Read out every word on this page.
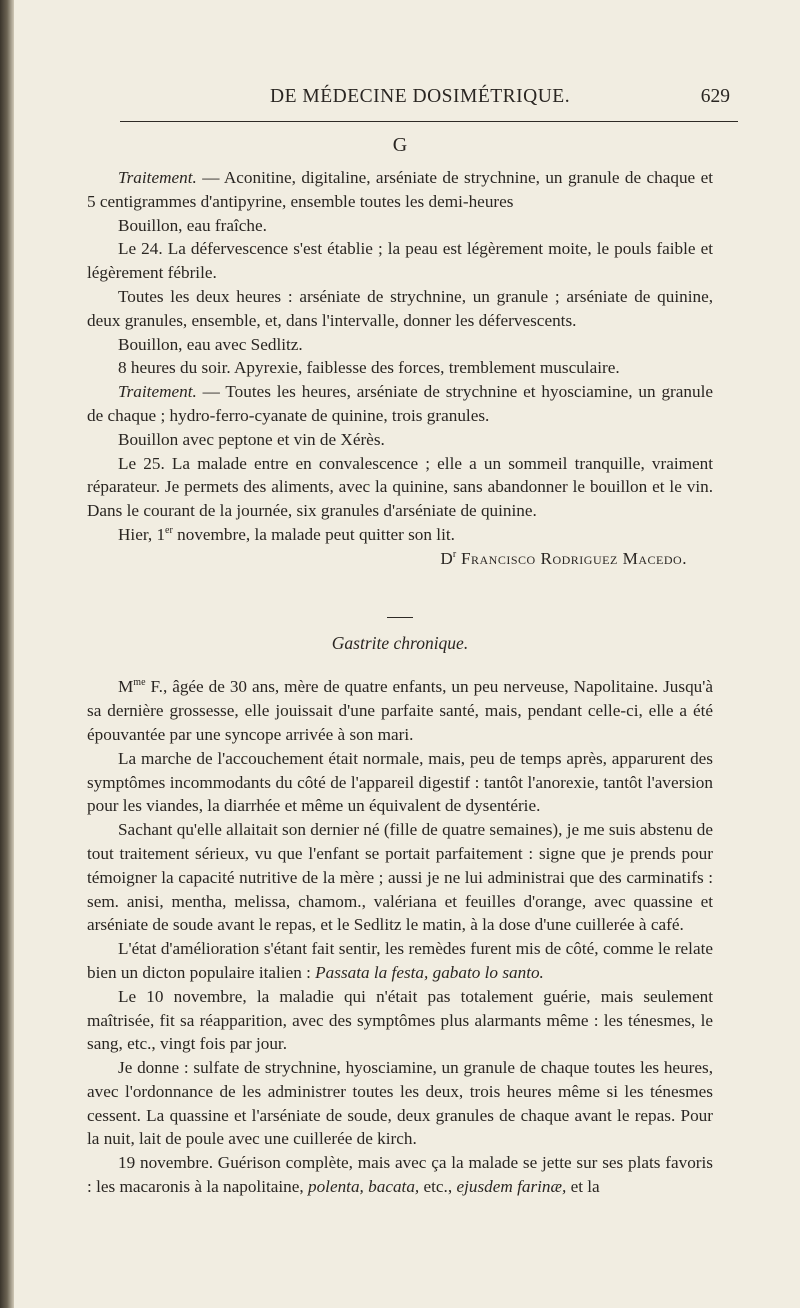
DE MÉDECINE DOSIMÉTRIQUE.	629
G

Traitement. — Aconitine, digitaline, arséniate de strychnine, un granule de chaque et 5 centigrammes d'antipyrine, ensemble toutes les demi-heures

Bouillon, eau fraîche.

Le 24. La défervescence s'est établie ; la peau est légèrement moite, le pouls faible et légèrement fébrile.

Toutes les deux heures : arséniate de strychnine, un granule ; arséniate de quinine, deux granules, ensemble, et, dans l'intervalle, donner les défervescents.

Bouillon, eau avec Sedlitz.

8 heures du soir. Apyrexie, faiblesse des forces, tremblement musculaire.

Traitement. — Toutes les heures, arséniate de strychnine et hyosciamine, un granule de chaque ; hydro-ferro-cyanate de quinine, trois granules.

Bouillon avec peptone et vin de Xérès.

Le 25. La malade entre en convalescence ; elle a un sommeil tranquille, vraiment réparateur. Je permets des aliments, avec la quinine, sans abandonner le bouillon et le vin. Dans le courant de la journée, six granules d'arséniate de quinine.

Hier, 1er novembre, la malade peut quitter son lit.

$D^r$ Francisco Rodriguez Macedo.

Gastrite chronique.

$M^{me}$ F., âgée de 30 ans, mère de quatre enfants, un peu nerveuse, Napolitaine. Jusqu'à sa dernière grossesse, elle jouissait d'une parfaite santé, mais, pendant celle-ci, elle a été épouvantée par une syncope arrivée à son mari.

La marche de l'accouchement était normale, mais, peu de temps après, apparurent des symptômes incommodants du côté de l'appareil digestif : tantôt l'anorexie, tantôt l'aversion pour les viandes, la diarrhée et même un équivalent de dysentérie.

Sachant qu'elle allaitait son dernier né (fille de quatre semaines), je me suis abstenu de tout traitement sérieux, vu que l'enfant se portait parfaitement : signe que je prends pour témoigner la capacité nutritive de la mère ; aussi je ne lui administrai que des carminatifs : sem. anisi, mentha, melissa, chamom., valériana et feuilles d'orange, avec quassine et arséniate de soude avant le repas, et le Sedlitz le matin, à la dose d'une cuillerée à café.

L'état d'amélioration s'étant fait sentir, les remèdes furent mis de côté, comme le relate bien un dicton populaire italien : Passata la festa, gabato lo santo.

Le 10 novembre, la maladie qui n'était pas totalement guérie, mais seulement maîtrisée, fit sa réapparition, avec des symptômes plus alarmants même : les ténesmes, le sang, etc., vingt fois par jour.

Je donne : sulfate de strychnine, hyosciamine, un granule de chaque toutes les heures, avec l'ordonnance de les administrer toutes les deux, trois heures même si les ténesmes cessent. La quassine et l'arséniate de soude, deux granules de chaque avant le repas. Pour la nuit, lait de poule avec une cuillerée de kirch.

19 novembre. Guérison complète, mais avec ça la malade se jette sur ses plats favoris : les macaronis à la napolitaine, polenta, bacata, etc., ejusdem farinæ, et la
